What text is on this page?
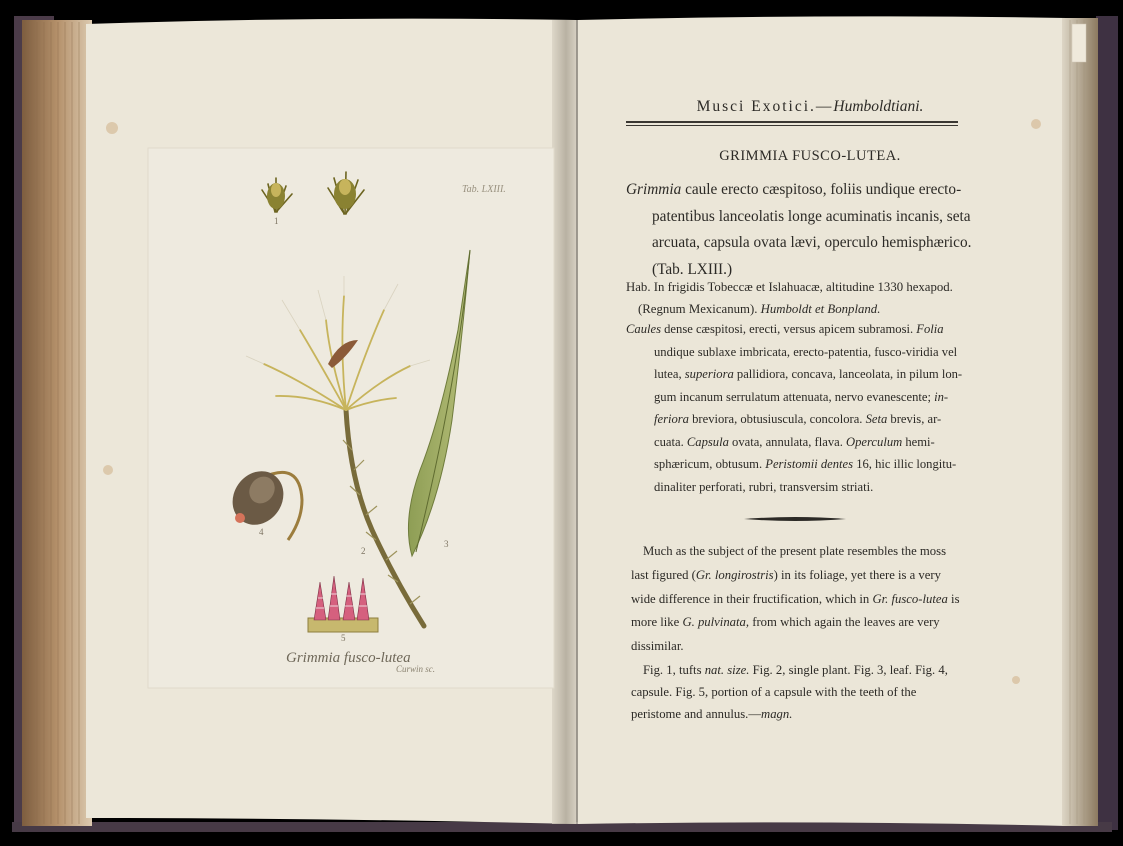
Tab. LXIII.
Grimmia fusco-lutea
Curwin sc.
1
2
3
4
5
Musci Exotici.—Humboldtiani.
GRIMMIA FUSCO-LUTEA.
Grimmia caule erecto cæspitoso, foliis undique erecto-
patentibus lanceolatis longe acuminatis incanis, seta
arcuata, capsula ovata lævi, operculo hemisphærico.
(Tab. LXIII.)
Hab. In frigidis Tobeccæ et Islahuacæ, altitudine 1330 hexapod.
(Regnum Mexicanum). Humboldt et Bonpland.
Caules dense cæspitosi, erecti, versus apicem subramosi. Folia
undique sublaxe imbricata, erecto-patentia, fusco-viridia vel
lutea, superiora pallidiora, concava, lanceolata, in pilum lon-
gum incanum serrulatum attenuata, nervo evanescente; in-
feriora breviora, obtusiuscula, concolora. Seta brevis, ar-
cuata. Capsula ovata, annulata, flava. Operculum hemi-
sphæricum, obtusum. Peristomii dentes 16, hic illic longitu-
dinaliter perforati, rubri, transversim striati.

Much as the subject of the present plate resembles the moss last figured (Gr. longirostris) in its foliage, yet there is a very wide difference in their fructification, which in Gr. fusco-lutea is more like G. pulvinata, from which again the leaves are very dissimilar.

Fig. 1, tufts nat. size. Fig. 2, single plant. Fig. 3, leaf. Fig. 4, capsule. Fig. 5, portion of a capsule with the teeth of the peristome and annulus.—magn.
